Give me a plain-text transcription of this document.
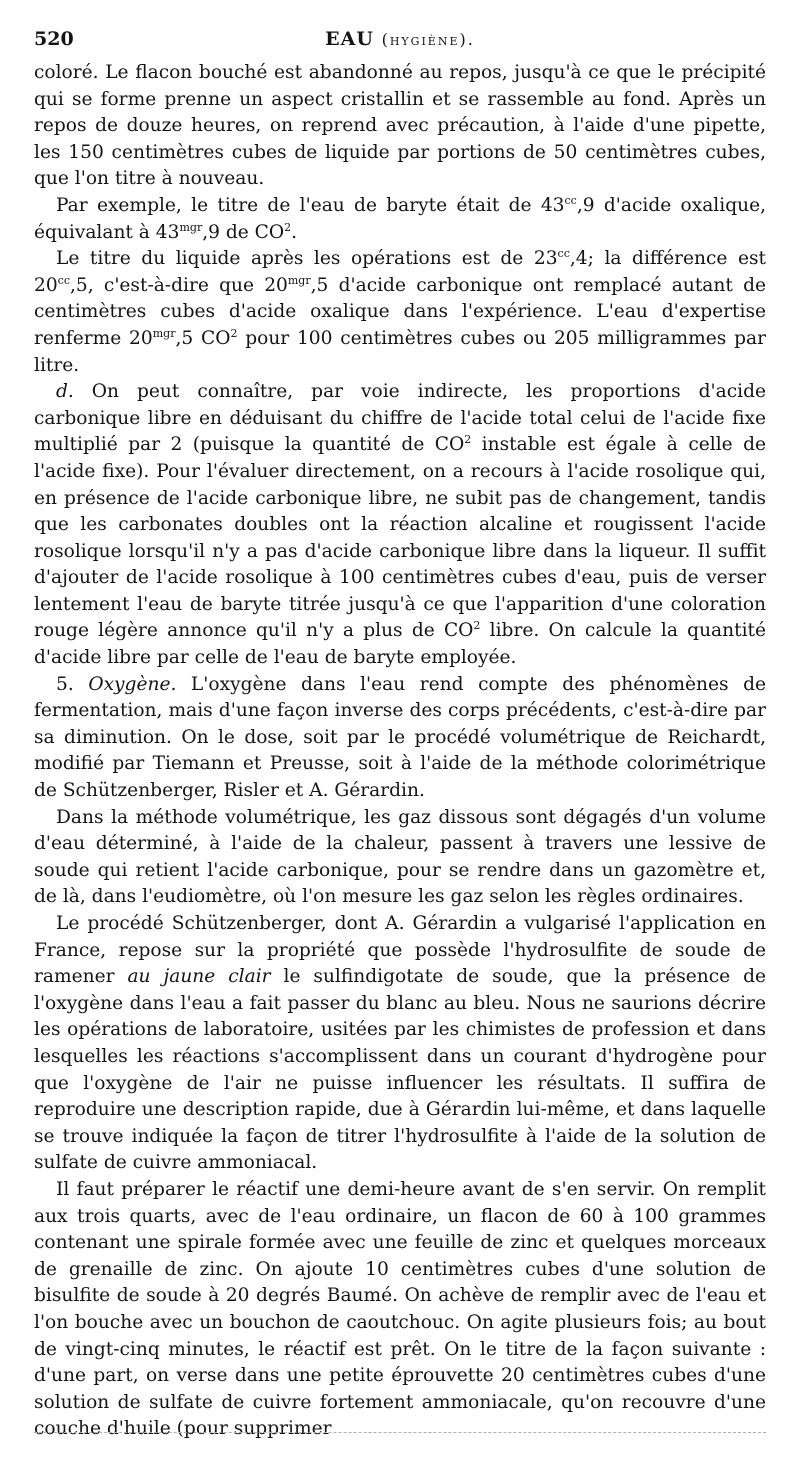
520	EAU (hygiène).

coloré. Le flacon bouché est abandonné au repos, jusqu'à ce que le précipité qui se forme prenne un aspect cristallin et se rassemble au fond. Après un repos de douze heures, on reprend avec précaution, à l'aide d'une pipette, les 150 centimètres cubes de liquide par portions de 50 centimètres cubes, que l'on titre à nouveau.

Par exemple, le titre de l'eau de baryte était de $43^{cc},9$ d'acide oxalique, équivalant à $43^{mgr},9$ de $CO^2$.

Le titre du liquide après les opérations est de $23^{cc},4$; la différence est $20^{cc},5$, c'est-à-dire que $20^{mgr},5$ d'acide carbonique ont remplacé autant de centimètres cubes d'acide oxalique dans l'expérience. L'eau d'expertise renferme $20^{mgr},5$ $CO^2$ pour 100 centimètres cubes ou 205 milligrammes par litre.

d. On peut connaître, par voie indirecte, les proportions d'acide carbonique libre en déduisant du chiffre de l'acide total celui de l'acide fixe multiplié par 2 (puisque la quantité de $CO^2$ instable est égale à celle de l'acide fixe). Pour l'évaluer directement, on a recours à l'acide rosolique qui, en présence de l'acide carbonique libre, ne subit pas de changement, tandis que les carbonates doubles ont la réaction alcaline et rougissent l'acide rosolique lorsqu'il n'y a pas d'acide carbonique libre dans la liqueur. Il suffit d'ajouter de l'acide rosolique à 100 centimètres cubes d'eau, puis de verser lentement l'eau de baryte titrée jusqu'à ce que l'apparition d'une coloration rouge légère annonce qu'il n'y a plus de $CO^2$ libre. On calcule la quantité d'acide libre par celle de l'eau de baryte employée.

5. Oxygène. L'oxygène dans l'eau rend compte des phénomènes de fermentation, mais d'une façon inverse des corps précédents, c'est-à-dire par sa diminution. On le dose, soit par le procédé volumétrique de Reichardt, modifié par Tiemann et Preusse, soit à l'aide de la méthode colorimétrique de Schützenberger, Risler et A. Gérardin.

Dans la méthode volumétrique, les gaz dissous sont dégagés d'un volume d'eau déterminé, à l'aide de la chaleur, passent à travers une lessive de soude qui retient l'acide carbonique, pour se rendre dans un gazomètre et, de là, dans l'eudiomètre, où l'on mesure les gaz selon les règles ordinaires.

Le procédé Schützenberger, dont A. Gérardin a vulgarisé l'application en France, repose sur la propriété que possède l'hydrosulfite de soude de ramener au jaune clair le sulfindigotate de soude, que la présence de l'oxygène dans l'eau a fait passer du blanc au bleu. Nous ne saurions décrire les opérations de laboratoire, usitées par les chimistes de profession et dans lesquelles les réactions s'accomplissent dans un courant d'hydrogène pour que l'oxygène de l'air ne puisse influencer les résultats. Il suffira de reproduire une description rapide, due à Gérardin lui-même, et dans laquelle se trouve indiquée la façon de titrer l'hydrosulfite à l'aide de la solution de sulfate de cuivre ammoniacal.

Il faut préparer le réactif une demi-heure avant de s'en servir. On remplit aux trois quarts, avec de l'eau ordinaire, un flacon de 60 à 100 grammes contenant une spirale formée avec une feuille de zinc et quelques morceaux de grenaille de zinc. On ajoute 10 centimètres cubes d'une solution de bisulfite de soude à 20 degrés Baumé. On achève de remplir avec de l'eau et l'on bouche avec un bouchon de caoutchouc. On agite plusieurs fois; au bout de vingt-cinq minutes, le réactif est prêt. On le titre de la façon suivante : d'une part, on verse dans une petite éprouvette 20 centimètres cubes d'une solution de sulfate de cuivre fortement ammoniacale, qu'on recouvre d'une couche d'huile (pour supprimer
